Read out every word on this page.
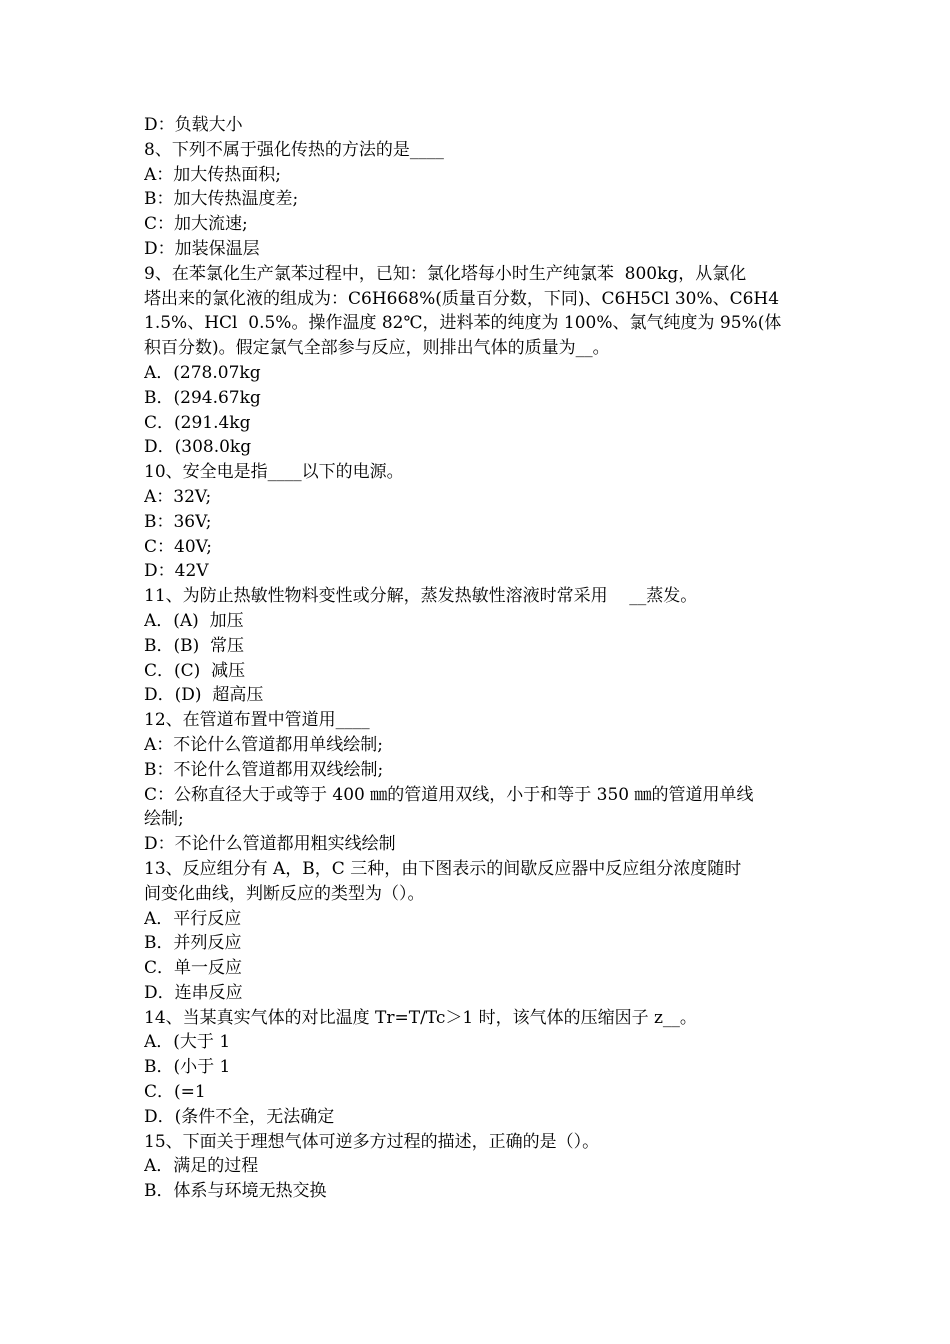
D：负载大小

8、下列不属于强化传热的方法的是____

A：加大传热面积;

B：加大传热温度差;

C：加大流速;

D：加装保温层

9、在苯氯化生产氯苯过程中，已知：氯化塔每小时生产纯氯苯  800kg，从氯化

塔出来的氯化液的组成为：C6H668%(质量百分数，下同)、C6H5Cl 30%、C6H4

1.5%、HCl  0.5%。操作温度 82℃，进料苯的纯度为 100%、氯气纯度为 95%(体

积百分数)。假定氯气全部参与反应，则排出气体的质量为__。

A．(278.07kg

B．(294.67kg

C．(291.4kg

D．(308.0kg

10、安全电是指____以下的电源。

A：32V;

B：36V;

C：40V;

D：42V

11、为防止热敏性物料变性或分解，蒸发热敏性溶液时常采用    __蒸发。

A．(A)  加压

B．(B)  常压

C．(C)  减压

D．(D)  超高压

12、在管道布置中管道用____

A：不论什么管道都用单线绘制;

B：不论什么管道都用双线绘制;

C：公称直径大于或等于 400 ㎜的管道用双线，小于和等于 350 ㎜的管道用单线

绘制;

D：不论什么管道都用粗实线绘制

13、反应组分有 A，B，C 三种，由下图表示的间歇反应器中反应组分浓度随时

间变化曲线，判断反应的类型为（）。

A．平行反应

B．并列反应

C．单一反应

D．连串反应

14、当某真实气体的对比温度 Tr=T/Tc＞1 时，该气体的压缩因子 z__。

A．(大于 1

B．(小于 1

C．(=1

D．(条件不全，无法确定

15、下面关于理想气体可逆多方过程的描述，正确的是（）。

A．满足的过程

B．体系与环境无热交换
